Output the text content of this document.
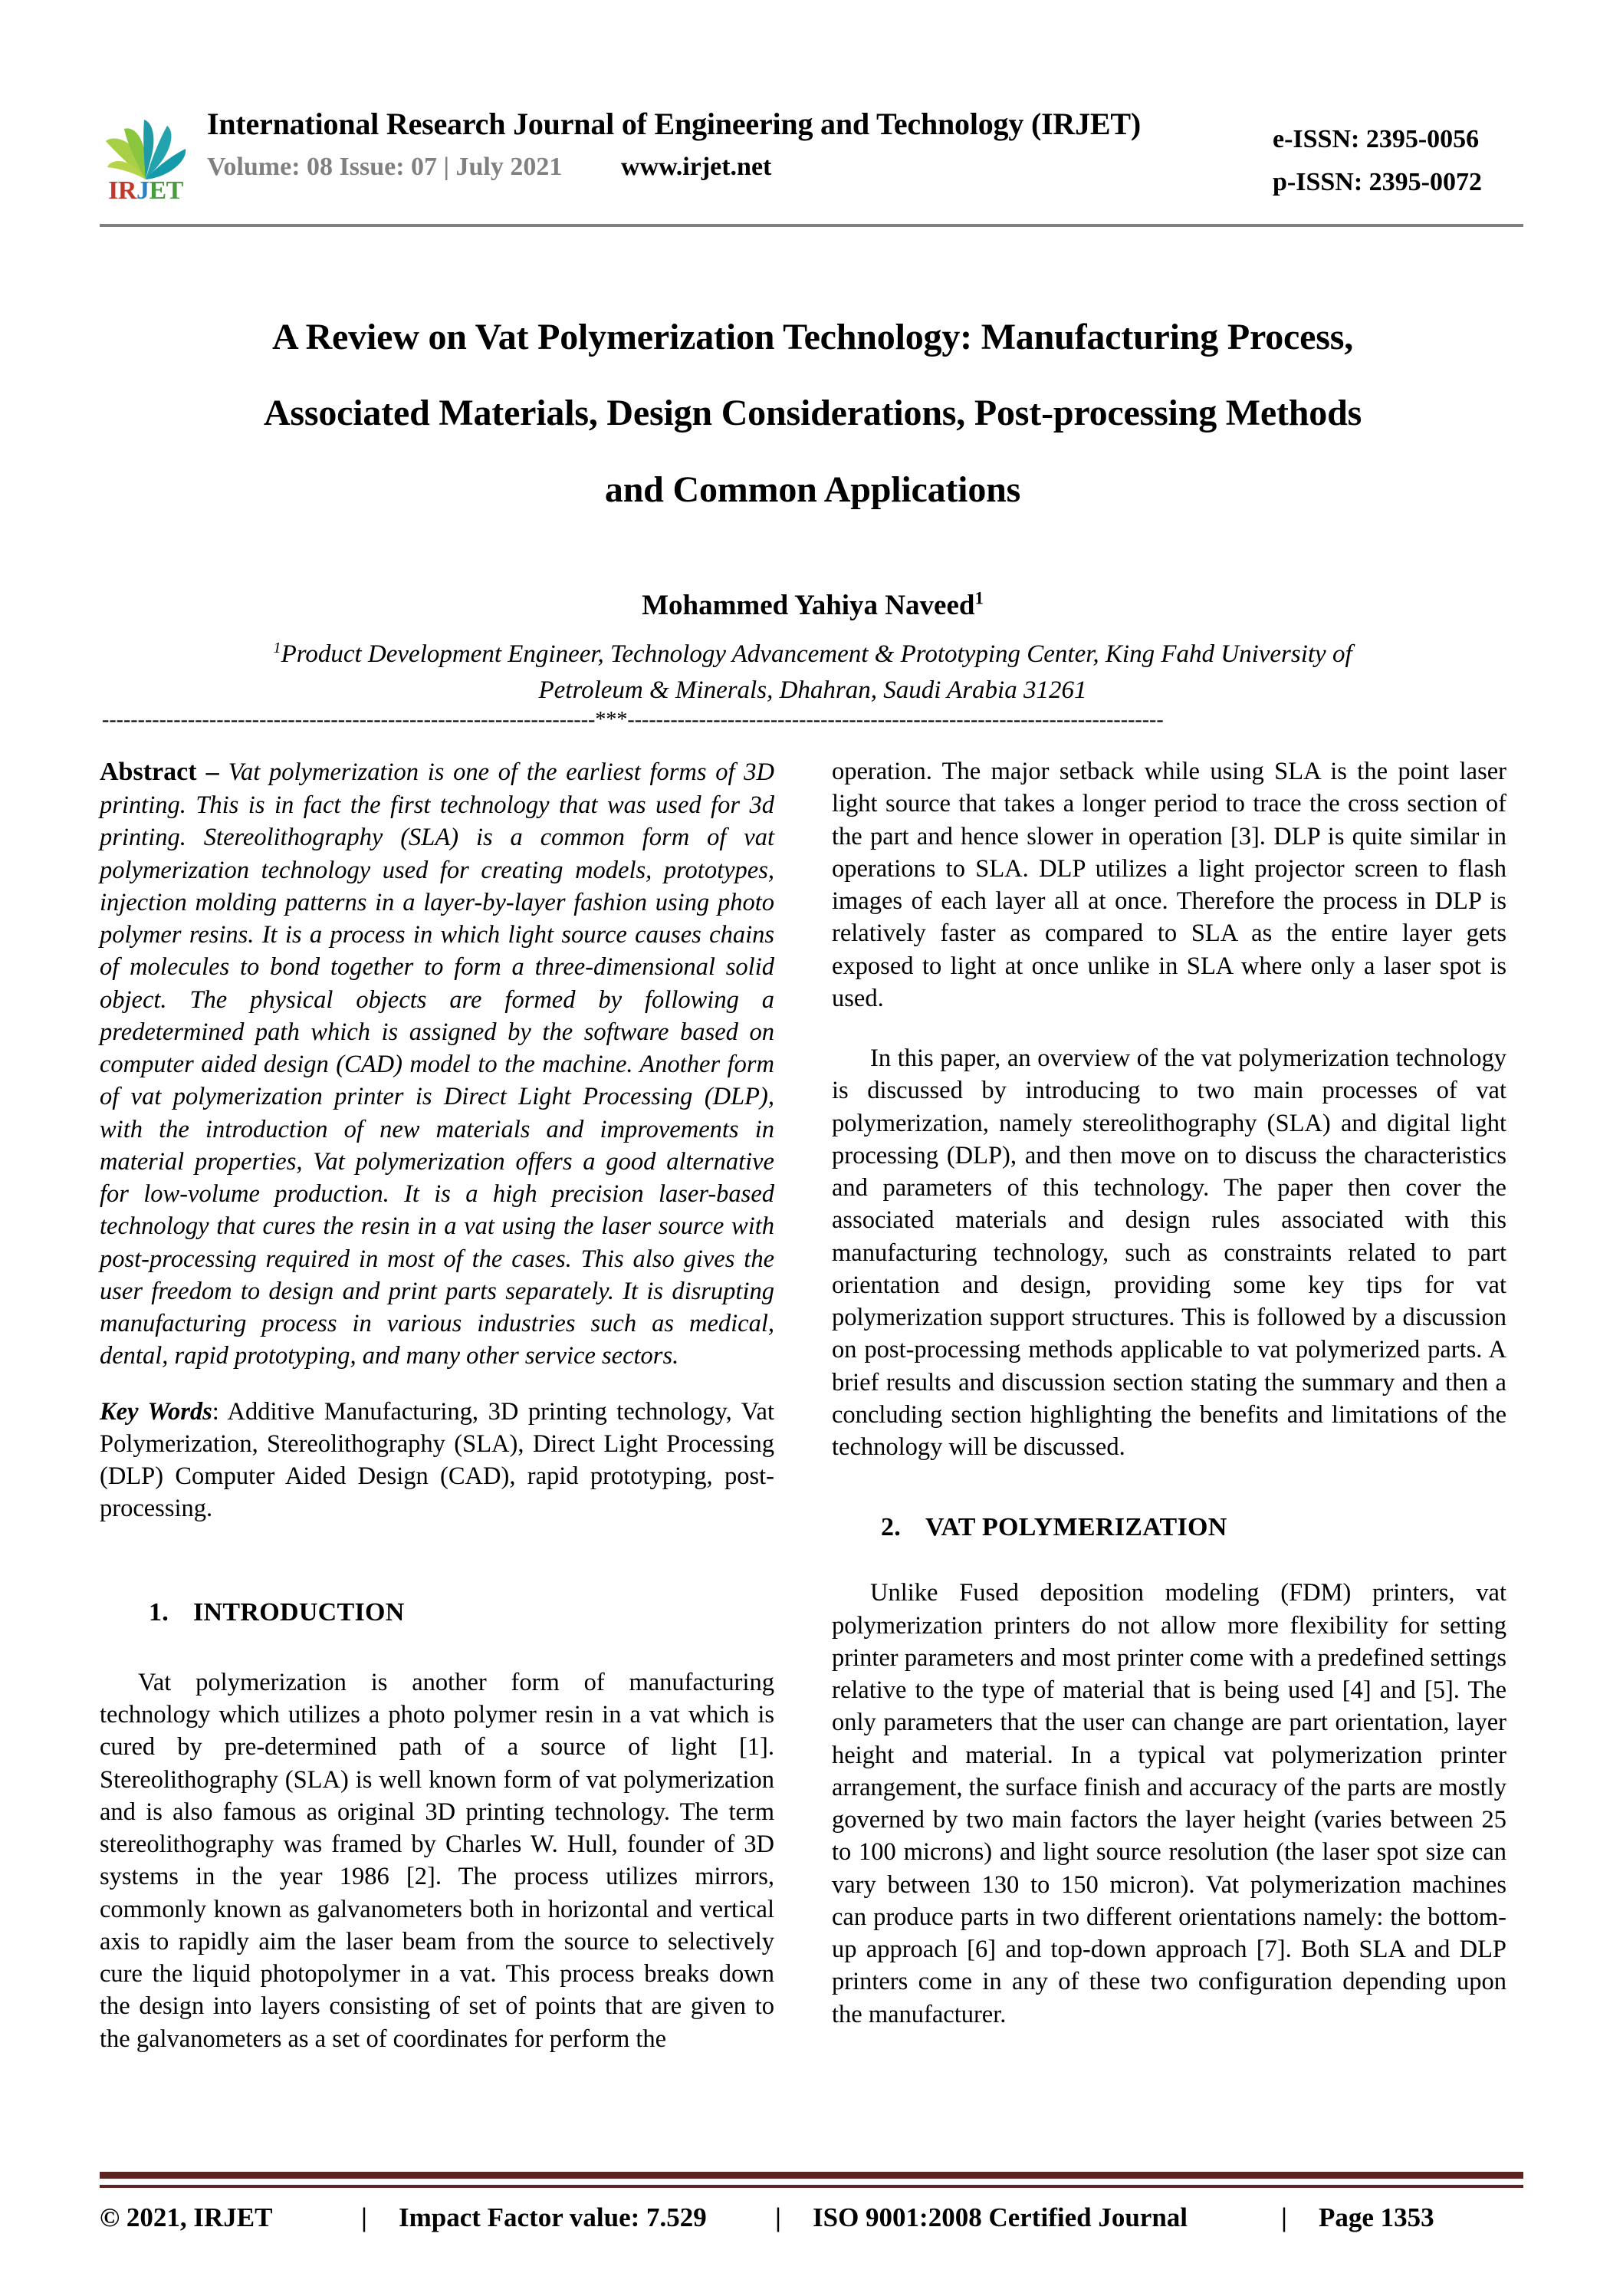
IRJET
International Research Journal of Engineering and Technology (IRJET)
Volume: 08 Issue: 07 | July 2021	www.irjet.net
e-ISSN: 2395-0056
p-ISSN: 2395-0072
A Review on Vat Polymerization Technology: Manufacturing Process,
Associated Materials, Design Considerations, Post-processing Methods
and Common Applications
Mohammed Yahiya Naveed$^1$
$^1$Product Development Engineer, Technology Advancement & Prototyping Center, King Fahd University of
Petroleum & Minerals, Dhahran, Saudi Arabia 31261
---------------------------------------------------------------------***---------------------------------------------------------------------------

Abstract – Vat polymerization is one of the earliest forms of 3D printing. This is in fact the first technology that was used for 3d printing. Stereolithography (SLA) is a common form of vat polymerization technology used for creating models, prototypes, injection molding patterns in a layer-by-layer fashion using photo polymer resins. It is a process in which light source causes chains of molecules to bond together to form a three-dimensional solid object. The physical objects are formed by following a predetermined path which is assigned by the software based on computer aided design (CAD) model to the machine. Another form of vat polymerization printer is Direct Light Processing (DLP), with the introduction of new materials and improvements in material properties, Vat polymerization offers a good alternative for low-volume production. It is a high precision laser-based technology that cures the resin in a vat using the laser source with post-processing required in most of the cases. This also gives the user freedom to design and print parts separately. It is disrupting manufacturing process in various industries such as medical, dental, rapid prototyping, and many other service sectors.

Key Words: Additive Manufacturing, 3D printing technology, Vat Polymerization, Stereolithography (SLA), Direct Light Processing (DLP) Computer Aided Design (CAD), rapid prototyping, post-processing.

1. INTRODUCTION

Vat polymerization is another form of manufacturing technology which utilizes a photo polymer resin in a vat which is cured by pre-determined path of a source of light [1]. Stereolithography (SLA) is well known form of vat polymerization and is also famous as original 3D printing technology. The term stereolithography was framed by Charles W. Hull, founder of 3D systems in the year 1986 [2]. The process utilizes mirrors, commonly known as galvanometers both in horizontal and vertical axis to rapidly aim the laser beam from the source to selectively cure the liquid photopolymer in a vat. This process breaks down the design into layers consisting of set of points that are given to the galvanometers as a set of coordinates for perform the

operation. The major setback while using SLA is the point laser light source that takes a longer period to trace the cross section of the part and hence slower in operation [3]. DLP is quite similar in operations to SLA. DLP utilizes a light projector screen to flash images of each layer all at once. Therefore the process in DLP is relatively faster as compared to SLA as the entire layer gets exposed to light at once unlike in SLA where only a laser spot is used.

In this paper, an overview of the vat polymerization technology is discussed by introducing to two main processes of vat polymerization, namely stereolithography (SLA) and digital light processing (DLP), and then move on to discuss the characteristics and parameters of this technology. The paper then cover the associated materials and design rules associated with this manufacturing technology, such as constraints related to part orientation and design, providing some key tips for vat polymerization support structures. This is followed by a discussion on post-processing methods applicable to vat polymerized parts. A brief results and discussion section stating the summary and then a concluding section highlighting the benefits and limitations of the technology will be discussed.

2. VAT POLYMERIZATION

Unlike Fused deposition modeling (FDM) printers, vat polymerization printers do not allow more flexibility for setting printer parameters and most printer come with a predefined settings relative to the type of material that is being used [4] and [5]. The only parameters that the user can change are part orientation, layer height and material. In a typical vat polymerization printer arrangement, the surface finish and accuracy of the parts are mostly governed by two main factors the layer height (varies between 25 to 100 microns) and light source resolution (the laser spot size can vary between 130 to 150 micron). Vat polymerization machines can produce parts in two different orientations namely: the bottom-up approach [6] and top-down approach [7]. Both SLA and DLP printers come in any of these two configuration depending upon the manufacturer.

© 2021, IRJET	|	Impact Factor value: 7.529	|	ISO 9001:2008 Certified Journal	|	Page 1353
